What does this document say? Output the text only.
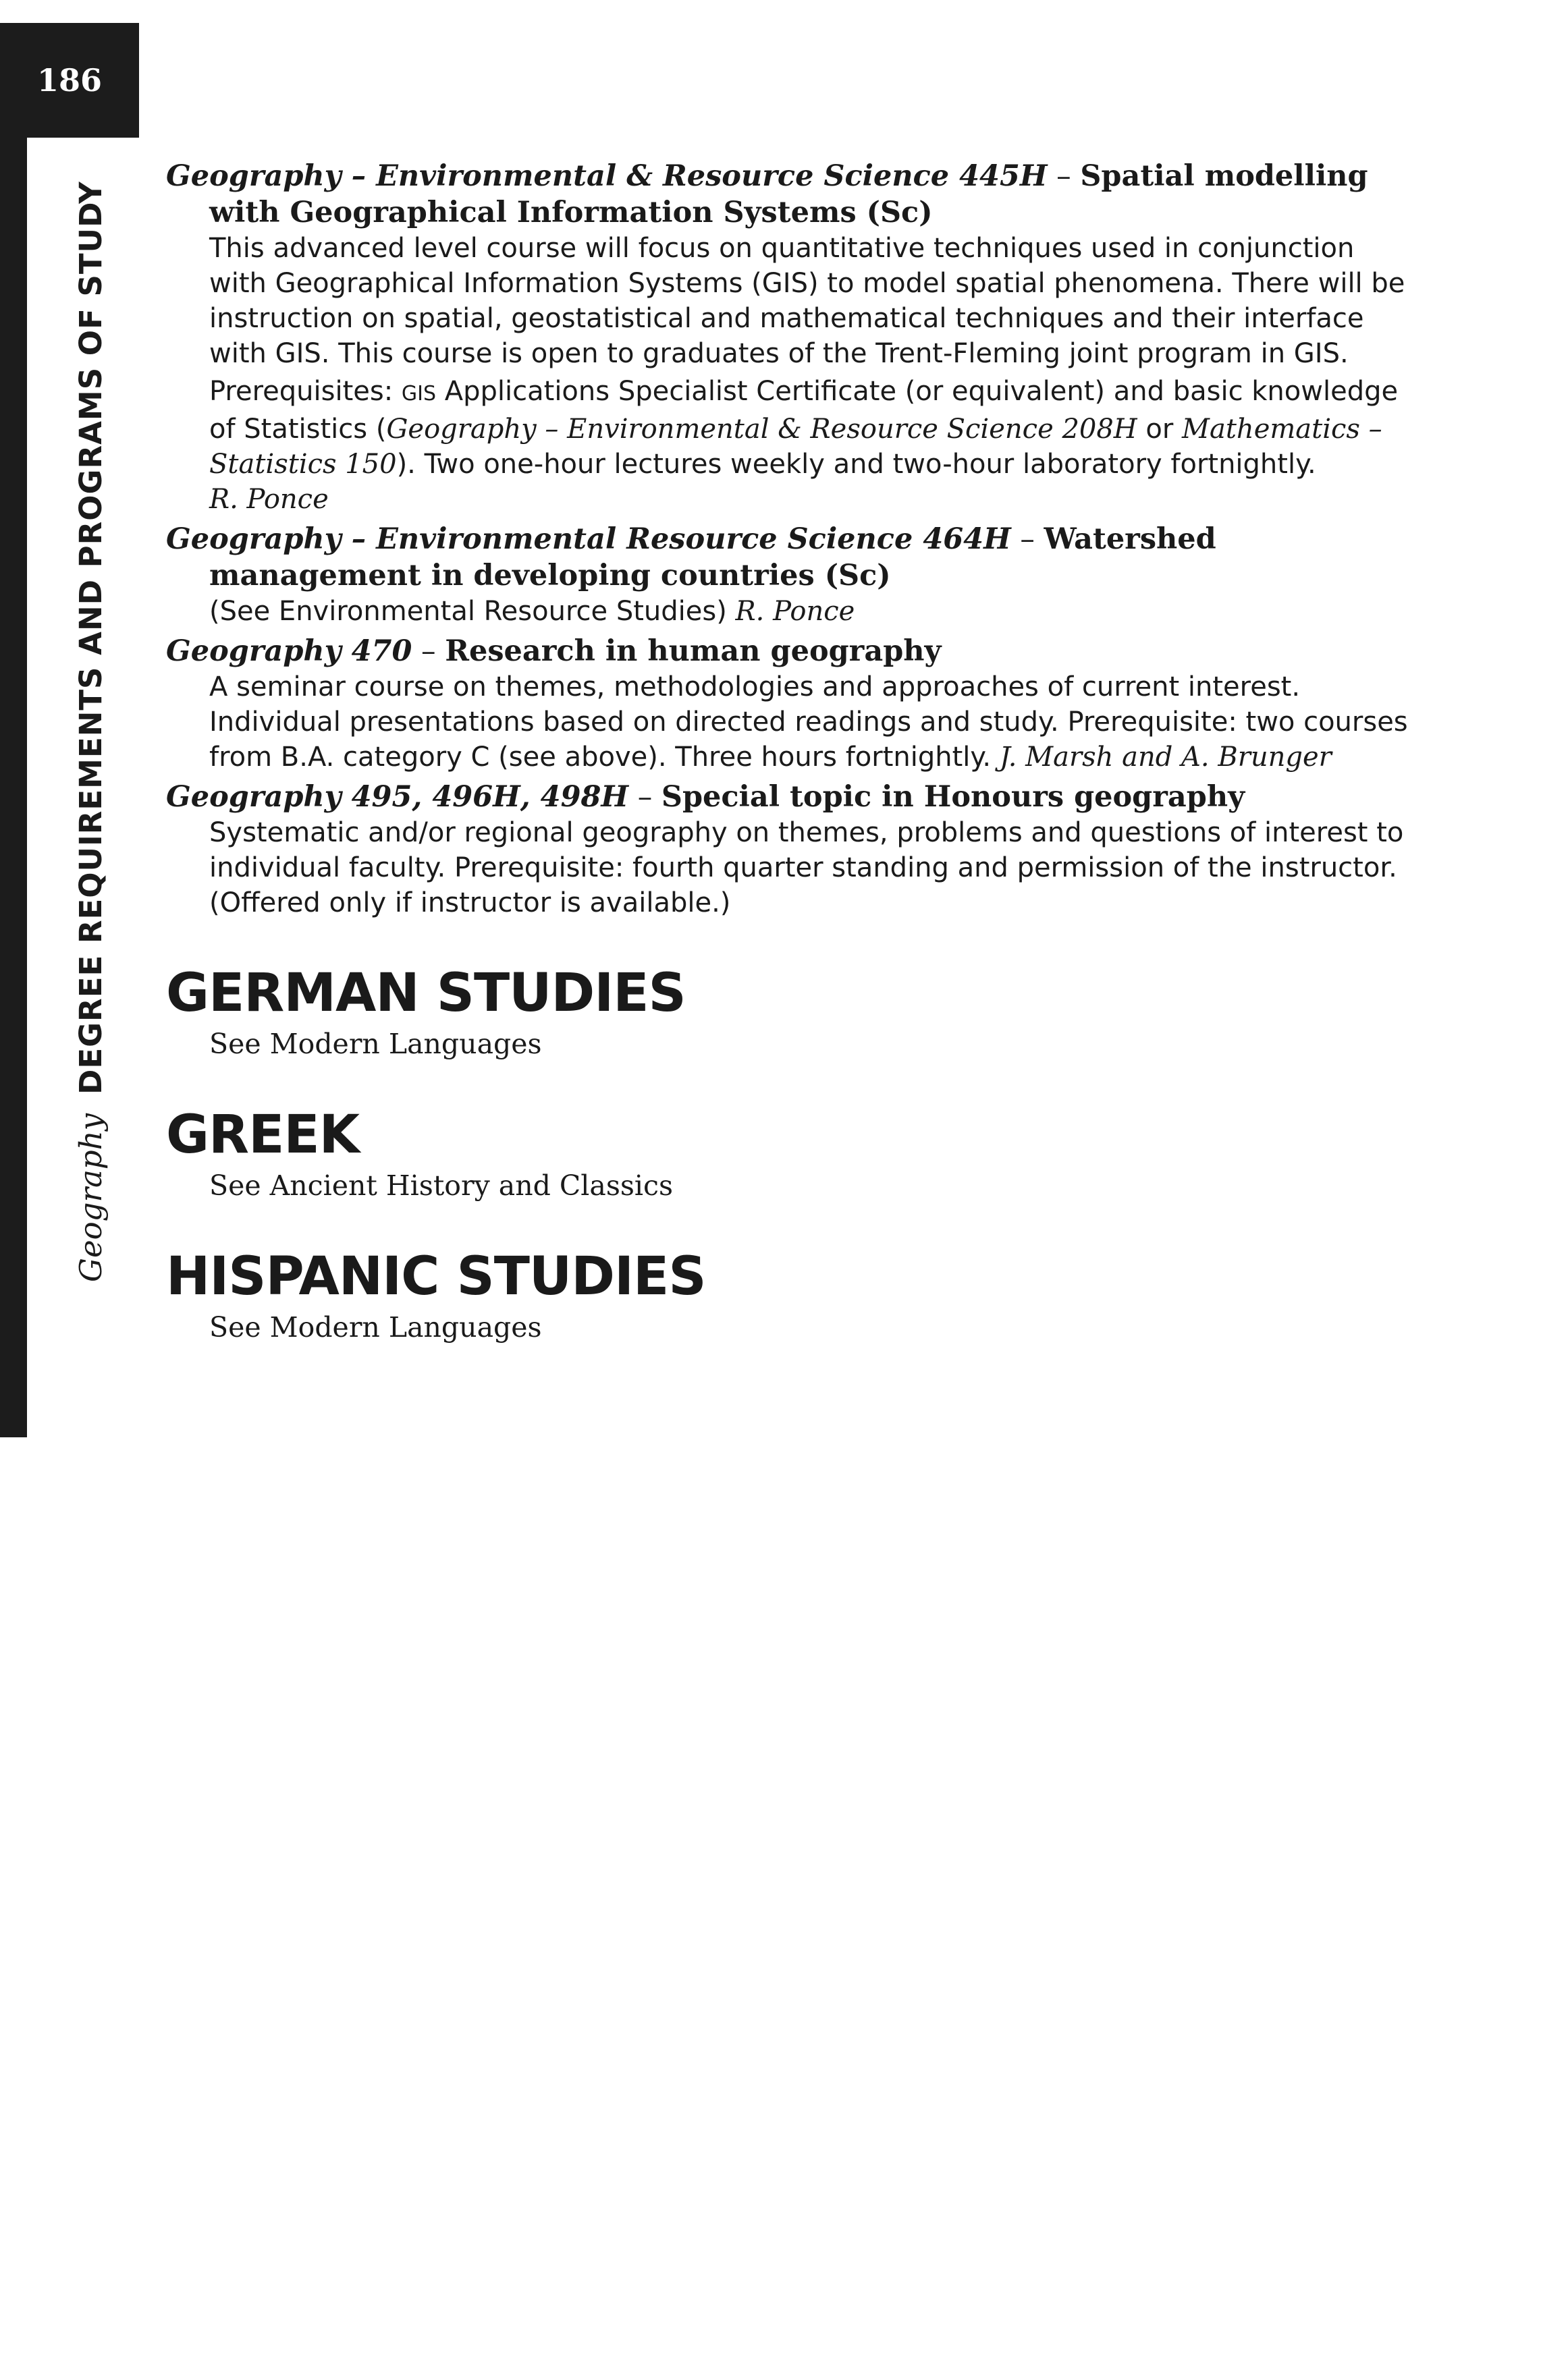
186
GeographyDEGREE REQUIREMENTS AND PROGRAMS OF STUDY

Geography – Environmental & Resource Science 445H – Spatial modelling with Geographical Information Systems (Sc)

This advanced level course will focus on quantitative techniques used in conjunction with Geographical Information Systems (GIS) to model spatial phenomena. There will be instruction on spatial, geostatistical and mathematical techniques and their interface with GIS. This course is open to graduates of the Trent-Fleming joint program in GIS.
Prerequisites: GIS Applications Specialist Certificate (or equivalent) and basic knowledge of Statistics (Geography – Environmental & Resource Science 208H or Mathematics – Statistics 150). Two one-hour lectures weekly and two-hour laboratory fortnightly.
R. Ponce

Geography – Environmental Resource Science 464H – Watershed management in developing countries (Sc)

(See Environmental Resource Studies) R. Ponce

Geography 470 – Research in human geography

A seminar course on themes, methodologies and approaches of current interest. Individual presentations based on directed readings and study. Prerequisite: two courses from B.A. category C (see above). Three hours fortnightly. J. Marsh and A. Brunger

Geography 495, 496H, 498H – Special topic in Honours geography

Systematic and/or regional geography on themes, problems and questions of interest to individual faculty. Prerequisite: fourth quarter standing and permission of the instructor. (Offered only if instructor is available.)

GERMAN STUDIES

See Modern Languages

GREEK

See Ancient History and Classics

HISPANIC STUDIES

See Modern Languages
